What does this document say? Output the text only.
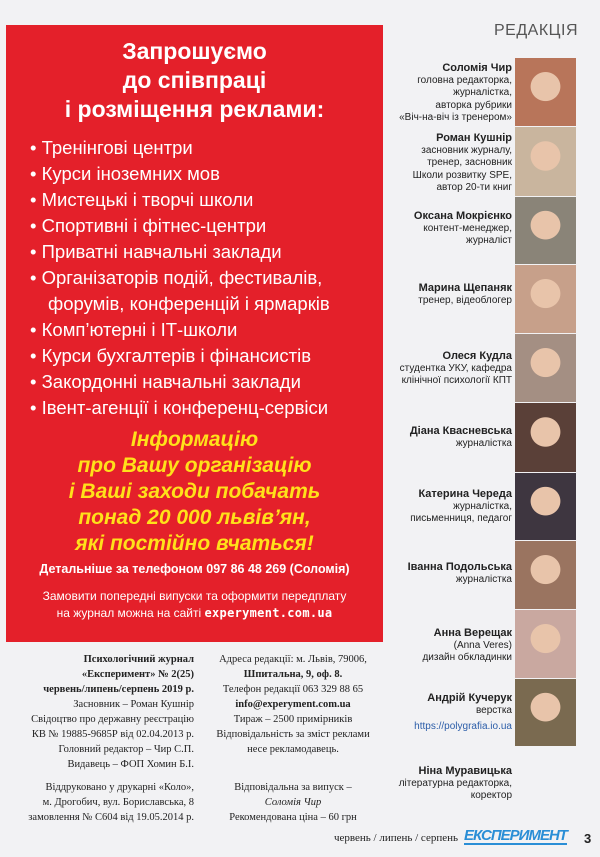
Запрошуємо
до співпраці
і розміщення реклами:
• Тренінгові центри
• Курси іноземних мов
• Мистецькі і творчі школи
• Спортивні і фітнес-центри
• Приватні навчальні заклади
• Організаторів подій, фестивалів, форумів, конференцій і ярмарків
• Комп’ютерні і ІТ-школи
• Курси бухгалтерів і фінансистів
• Закордонні навчальні заклади
• Івент-агенції і конференц-сервіси
Інформацію
про Вашу організацію
і Ваші заходи побачать
понад 20 000 львів’ян,
які постійно вчаться!
Детальніше за телефоном 097 86 48 269 (Соломія)
Замовити попередні випуски та оформити передплату
на журнал можна на сайті experyment.com.ua
Психологічний журнал
«Експеримент» № 2(25)
червень/липень/серпень 2019 р.
Засновник – Роман Кушнір
Свідоцтво про державну реєстрацію
КВ № 19885-9685Р від 02.04.2013 р.
Головний редактор – Чир С.П.
Видавець – ФОП Хомин Б.І.
Адреса редакції: м. Львів, 79006,
Шпитальна, 9, оф. 8.
Телефон редакції 063 329 88 65
info@experyment.com.ua
Тираж – 2500 примірників
Відповідальність за зміст реклами
несе рекламодавець.
Віддруковано у друкарні «Коло»,
м. Дрогобич, вул. Бориславська, 8
замовлення № С604 від 19.05.2014 р.
Відповідальна за випуск –
Соломія Чир
Рекомендована ціна – 60 грн
РЕДАКЦІЯ
Соломія Чир
головна редакторка,
журналістка,
авторка рубрики
«Віч-на-віч із тренером»
Роман Кушнір
засновник журналу,
тренер, засновник
Школи розвитку SPE,
автор 20-ти книг
Оксана Мокрієнко
контент-менеджер,
журналіст
Марина Щепаняк
тренер, відеоблогер
Олеся Кудла
студентка УКУ, кафедра
клінічної психології КПТ
Діана Квасневська
журналістка
Катерина Череда
журналістка,
письменниця, педагог
Іванна Подольська
журналістка
Анна Верещак
(Anna Veres)
дизайн обкладинки
Андрій Кучерук
верстка
https://polygrafia.io.ua
Ніна Муравицька
літературна редакторка,
коректор
червень / липень / серпень ЕКСПЕРИМЕНТ 3
